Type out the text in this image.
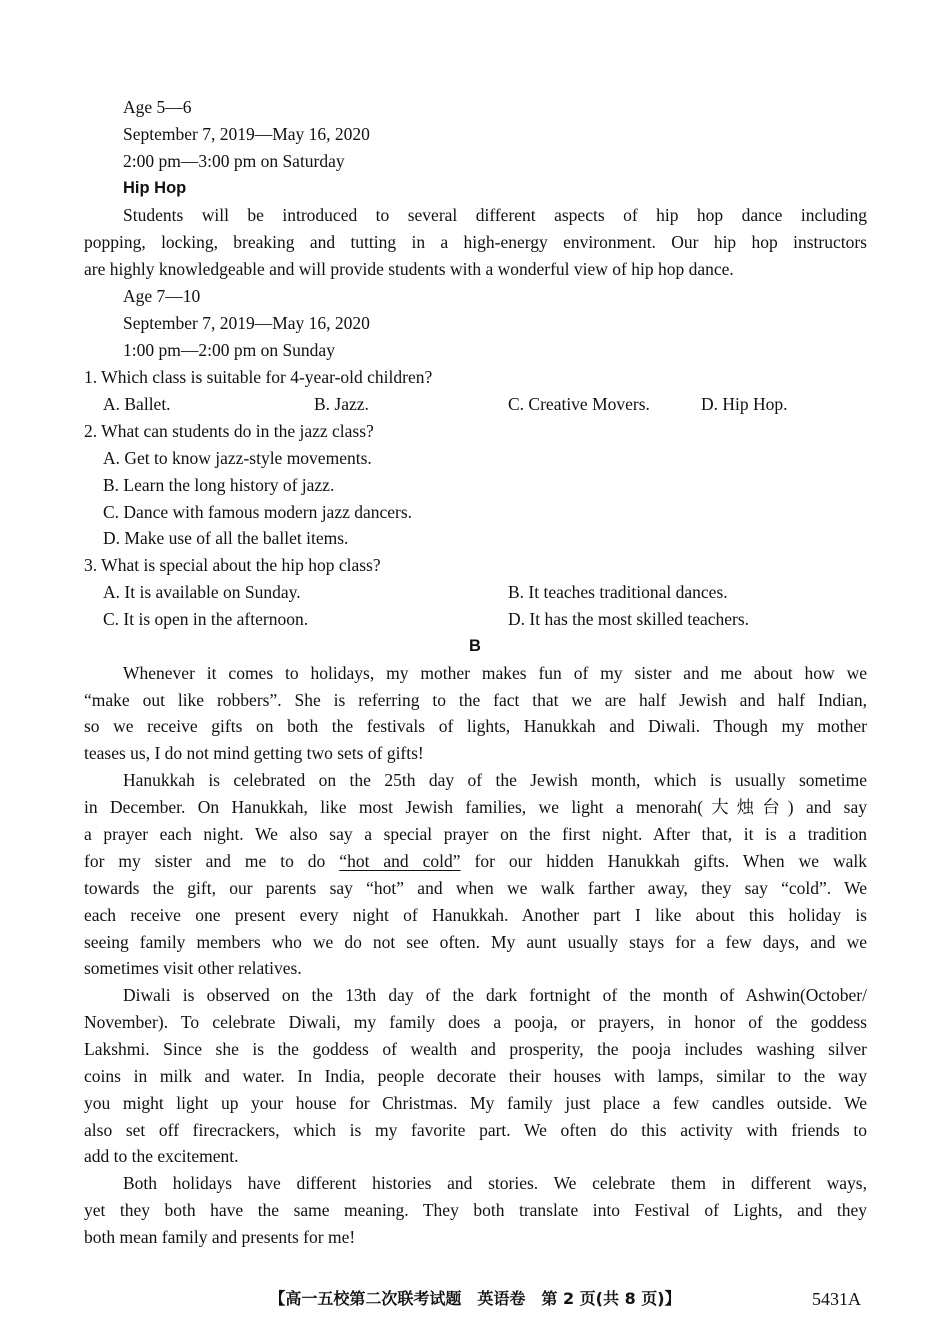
Age 5—6
September 7, 2019—May 16, 2020
2:00 pm—3:00 pm on Saturday
Hip Hop
Students will be introduced to several different aspects of hip hop dance including
popping, locking, breaking and tutting in a high-energy environment. Our hip hop instructors
are highly knowledgeable and will provide students with a wonderful view of hip hop dance.
Age 7—10
September 7, 2019—May 16, 2020
1:00 pm—2:00 pm on Sunday
1. Which class is suitable for 4-year-old children?
A. Ballet.	B. Jazz.	C. Creative Movers.	D. Hip Hop.
2. What can students do in the jazz class?
A. Get to know jazz-style movements.
B. Learn the long history of jazz.
C. Dance with famous modern jazz dancers.
D. Make use of all the ballet items.
3. What is special about the hip hop class?
A. It is available on Sunday.	B. It teaches traditional dances.
C. It is open in the afternoon.	D. It has the most skilled teachers.
B
Whenever it comes to holidays, my mother makes fun of my sister and me about how we
“make out like robbers”. She is referring to the fact that we are half Jewish and half Indian,
so we receive gifts on both the festivals of lights, Hanukkah and Diwali. Though my mother
teases us, I do not mind getting two sets of gifts!
Hanukkah is celebrated on the 25th day of the Jewish month, which is usually sometime
in December. On Hanukkah, like most Jewish families, we light a menorah(大烛台) and say
a prayer each night. We also say a special prayer on the first night. After that, it is a tradition
for my sister and me to do “hot and cold” for our hidden Hanukkah gifts. When we walk
towards the gift, our parents say “hot” and when we walk farther away, they say “cold”. We
each receive one present every night of Hanukkah. Another part I like about this holiday is
seeing family members who we do not see often. My aunt usually stays for a few days, and we
sometimes visit other relatives.
Diwali is observed on the 13th day of the dark fortnight of the month of Ashwin(October/
November). To celebrate Diwali, my family does a pooja, or prayers, in honor of the goddess
Lakshmi. Since she is the goddess of wealth and prosperity, the pooja includes washing silver
coins in milk and water. In India, people decorate their houses with lamps, similar to the way
you might light up your house for Christmas. My family just place a few candles outside. We
also set off firecrackers, which is my favorite part. We often do this activity with friends to
add to the excitement.
Both holidays have different histories and stories. We celebrate them in different ways,
yet they both have the same meaning. They both translate into Festival of Lights, and they
both mean family and presents for me!
【高一五校第二次联考试题　英语卷　第 2 页(共 8 页)】	5431A
